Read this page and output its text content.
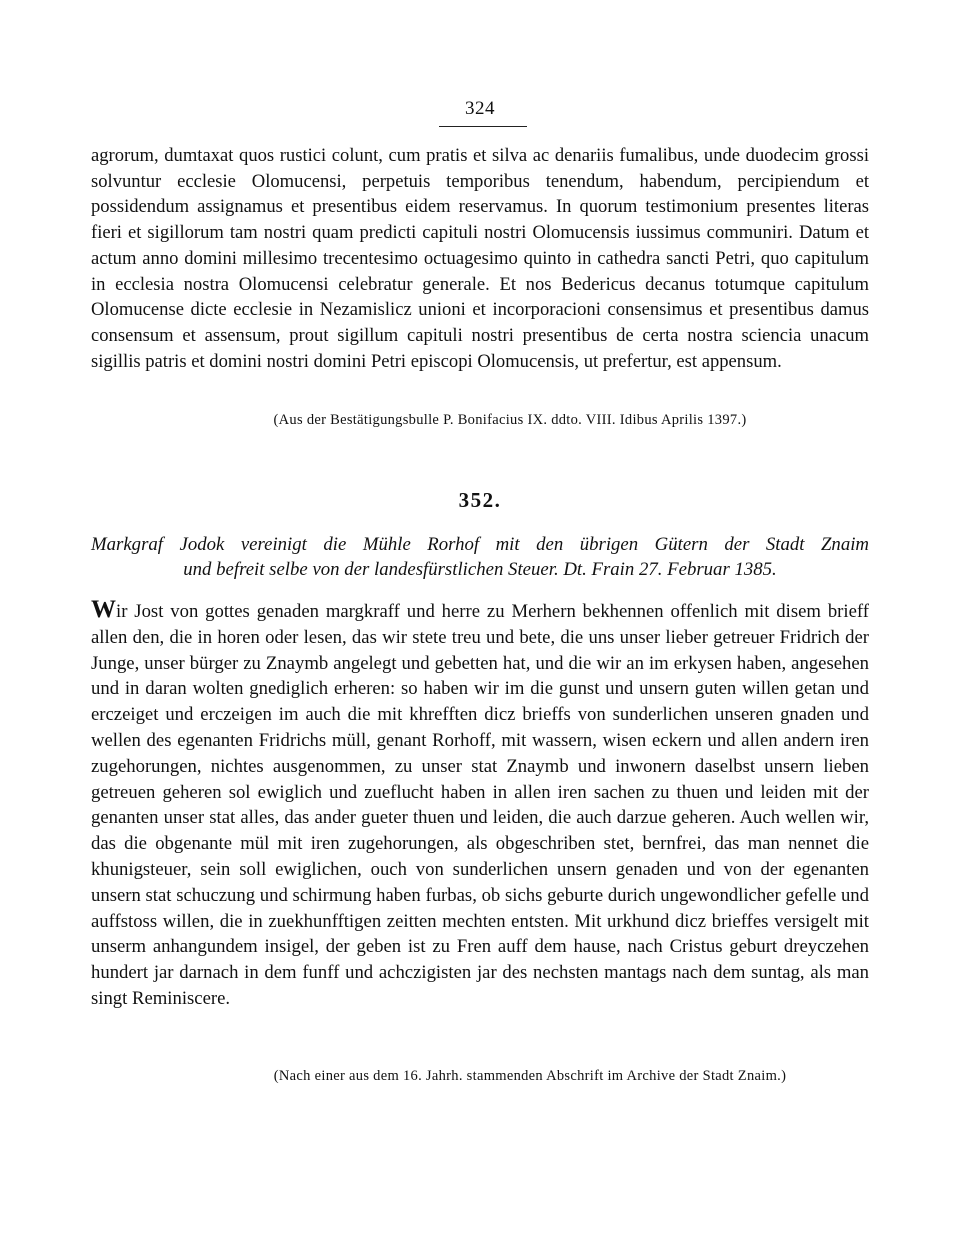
324

agrorum, dumtaxat quos rustici colunt, cum pratis et silva ac denariis fumalibus, unde duodecim grossi solvuntur ecclesie Olomucensi, perpetuis temporibus tenendum, habendum, percipiendum et possidendum assignamus et presentibus eidem reservamus. In quorum testimonium presentes literas fieri et sigillorum tam nostri quam predicti capituli nostri Olomucensis iussimus communiri. Datum et actum anno domini millesimo trecentesimo octuagesimo quinto in cathedra sancti Petri, quo capitulum in ecclesia nostra Olomucensi celebratur generale. Et nos Bedericus decanus totumque capitulum Olomucense dicte ecclesie in Nezamislicz unioni et incorporacioni consensimus et presentibus damus consensum et assensum, prout sigillum capituli nostri presentibus de certa nostra sciencia unacum sigillis patris et domini nostri domini Petri episcopi Olomucensis, ut prefertur, est appensum.

(Aus der Bestätigungsbulle P. Bonifacius IX. ddto. VIII. Idibus Aprilis 1397.)

352.

Markgraf Jodok vereinigt die Mühle Rorhof mit den übrigen Gütern der Stadt Znaim
und befreit selbe von der landesfürstlichen Steuer. Dt. Frain 27. Februar 1385.

Wir Jost von gottes genaden margkraff und herre zu Merhern bekhennen offenlich mit disem brieff allen den, die in horen oder lesen, das wir stete treu und bete, die uns unser lieber getreuer Fridrich der Junge, unser bürger zu Znaymb angelegt und gebetten hat, und die wir an im erkysen haben, angesehen und in daran wolten gnediglich erheren: so haben wir im die gunst und unsern guten willen getan und erczeiget und erczeigen im auch die mit khrefften dicz brieffs von sunderlichen unseren gnaden und wellen des egenanten Fridrichs müll, genant Rorhoff, mit wassern, wisen eckern und allen andern iren zugehorungen, nichtes ausgenommen, zu unser stat Znaymb und inwonern daselbst unsern lieben getreuen geheren sol ewiglich und zueflucht haben in allen iren sachen zu thuen und leiden mit der genanten unser stat alles, das ander gueter thuen und leiden, die auch darzue geheren. Auch wellen wir, das die obgenante mül mit iren zugehorungen, als obgeschriben stet, bernfrei, das man nennet die khunigsteuer, sein soll ewiglichen, ouch von sunderlichen unsern genaden und von der egenanten unsern stat schuczung und schirmung haben furbas, ob sichs geburte durich ungewondlicher gefelle und auffstoss willen, die in zuekhunfftigen zeitten mechten entsten. Mit urkhund dicz brieffes versigelt mit unserm anhangundem insigel, der geben ist zu Fren auff dem hause, nach Cristus geburt dreyczehen hundert jar darnach in dem funff und achczigisten jar des nechsten mantags nach dem suntag, als man singt Reminiscere.

(Nach einer aus dem 16. Jahrh. stammenden Abschrift im Archive der Stadt Znaim.)
